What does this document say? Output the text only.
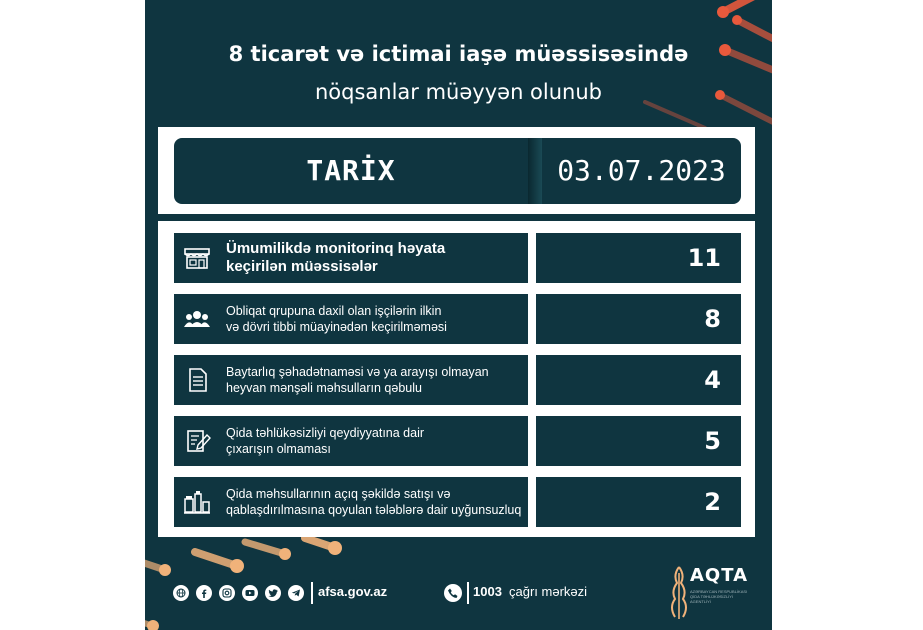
8 ticarət və ictimai iaşə müəssisəsində
nöqsanlar müəyyən olunub
TARİX	03.07.2023
Ümumilikdə monitorinq həyata
keçirilən müəssisələr	11
Obliqat qrupuna daxil olan işçilərin ilkin
və dövri tibbi müayinədən keçirilməməsi	8
Baytarlıq şəhadətnaməsi və ya arayışı olmayan
heyvan mənşəli məhsulların qəbulu	4
Qida təhlükəsizliyi qeydiyyatına dair
çıxarışın olmaması	5
Qida məhsullarının açıq şəkildə satışı və
qablaşdırılmasına qoyulan tələblərə dair uyğunsuzluq	2
afsa.gov.az	1003 çağrı mərkəzi
AQTA
AZƏRBAYCAN RESPUBLİKASI QİDA TƏHLÜKƏSİZLİYİ AGENTLİYİ
